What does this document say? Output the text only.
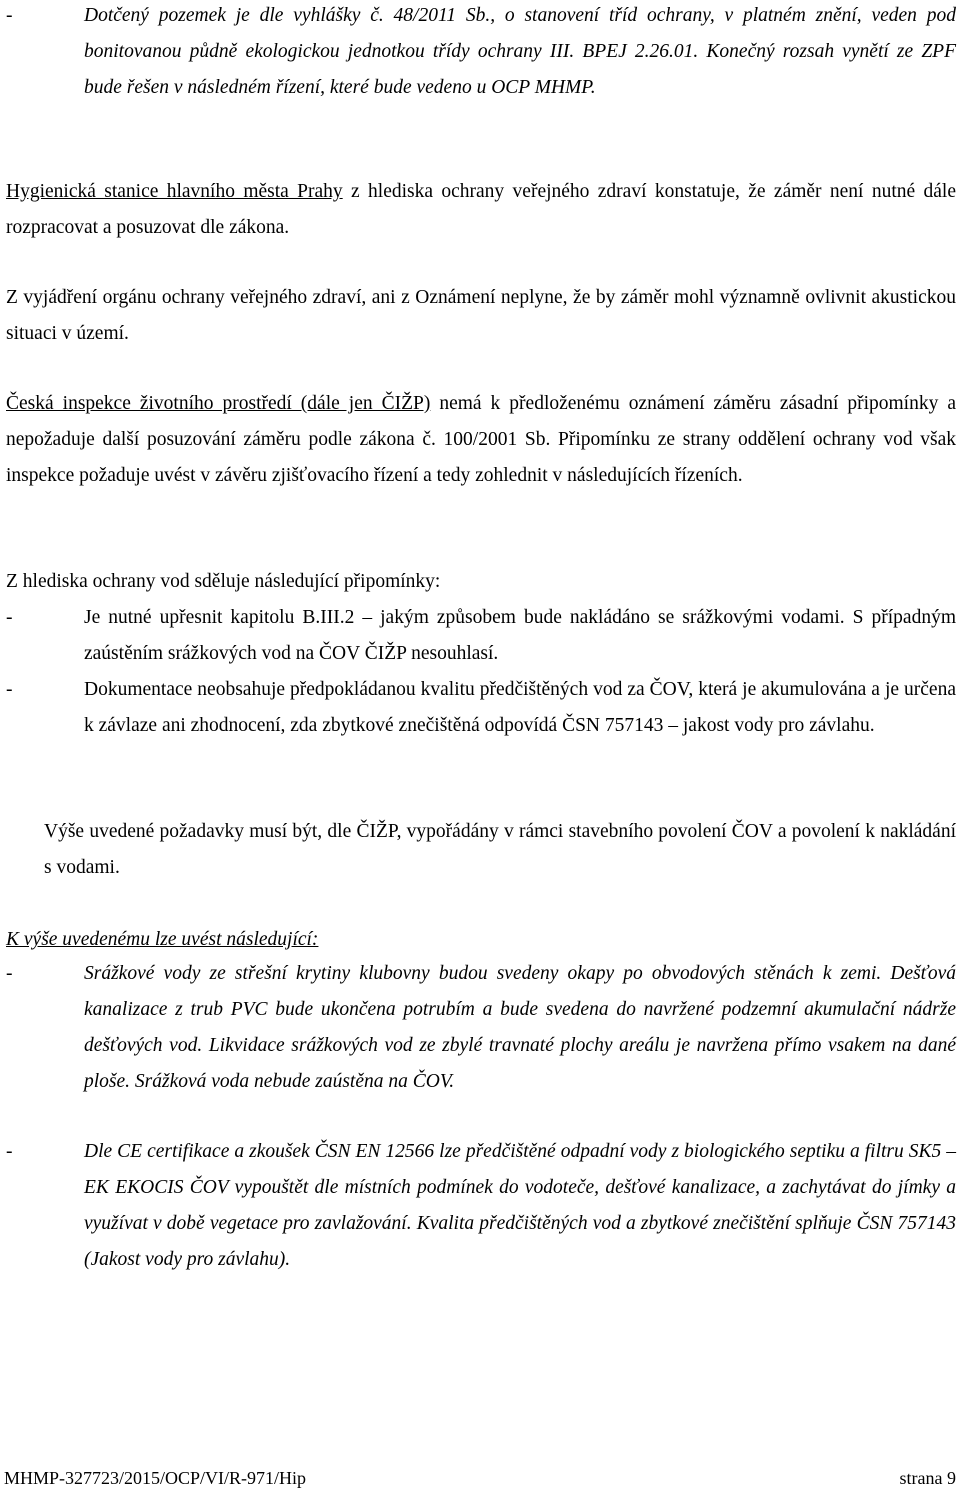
-	Dotčený pozemek je dle vyhlášky č. 48/2011 Sb., o stanovení tříd ochrany, v platném znění, veden pod bonitovanou půdně ekologickou jednotkou třídy ochrany III. BPEJ 2.26.01. Konečný rozsah vynětí ze ZPF bude řešen v následném řízení, které bude vedeno u OCP MHMP.

Hygienická stanice hlavního města Prahy z hlediska ochrany veřejného zdraví konstatuje, že záměr není nutné dále rozpracovat a posuzovat dle zákona.

Z vyjádření orgánu ochrany veřejného zdraví, ani z Oznámení neplyne, že by záměr mohl významně ovlivnit akustickou situaci v území.

Česká inspekce životního prostředí (dále jen ČIŽP) nemá k předloženému oznámení záměru zásadní připomínky a nepožaduje další posuzování záměru podle zákona č. 100/2001 Sb. Připomínku ze strany oddělení ochrany vod však inspekce požaduje uvést v závěru zjišťovacího řízení a tedy zohlednit v následujících řízeních.

Z hlediska ochrany vod sděluje následující připomínky:

-	Je nutné upřesnit kapitolu B.III.2 – jakým způsobem bude nakládáno se srážkovými vodami. S případným zaústěním srážkových vod na ČOV ČIŽP nesouhlasí.
-	Dokumentace neobsahuje předpokládanou kvalitu předčištěných vod za ČOV, která je akumulována a je určena k závlaze ani zhodnocení, zda zbytkové znečištěná odpovídá ČSN 757143 – jakost vody pro závlahu.

Výše uvedené požadavky musí být, dle ČIŽP, vypořádány v rámci stavebního povolení ČOV a povolení k nakládání s vodami.

K výše uvedenému lze uvést následující:

-	Srážkové vody ze střešní krytiny klubovny budou svedeny okapy po obvodových stěnách k zemi. Dešťová kanalizace z trub PVC bude ukončena potrubím a bude svedena do navržené podzemní akumulační nádrže dešťových vod. Likvidace srážkových vod ze zbylé travnaté plochy areálu je navržena přímo vsakem na dané ploše. Srážková voda nebude zaústěna na ČOV.
-	Dle CE certifikace a zkoušek ČSN EN 12566 lze předčištěné odpadní vody z biologického septiku a filtru SK5 – EK EKOCIS ČOV vypouštět dle místních podmínek do vodoteče, dešťové kanalizace, a zachytávat do jímky a využívat v době vegetace pro zavlažování. Kvalita předčištěných vod a zbytkové znečištění splňuje ČSN 757143 (Jakost vody pro závlahu).
MHMP-327723/2015/OCP/VI/R-971/Hip	strana 9
